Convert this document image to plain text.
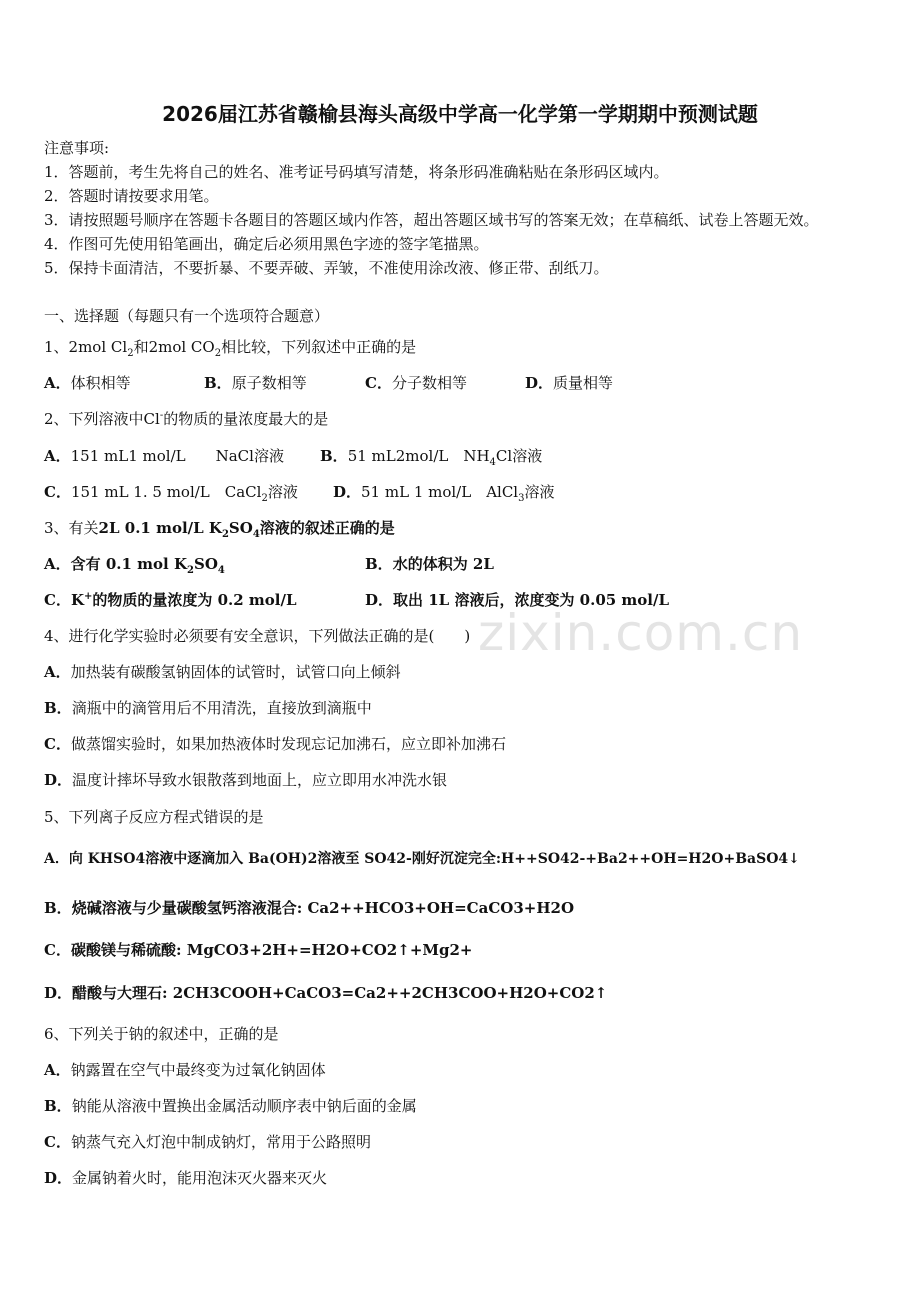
zixin.com.cn
2026届江苏省赣榆县海头高级中学高一化学第一学期期中预测试题
注意事项:
1．答题前，考生先将自己的姓名、准考证号码填写清楚，将条形码准确粘贴在条形码区域内。
2．答题时请按要求用笔。
3．请按照题号顺序在答题卡各题目的答题区域内作答，超出答题区域书写的答案无效；在草稿纸、试卷上答题无效。
4．作图可先使用铅笔画出，确定后必须用黑色字迹的签字笔描黑。
5．保持卡面清洁，不要折暴、不要弄破、弄皱，不准使用涂改液、修正带、刮纸刀。
一、选择题（每题只有一个选项符合题意）
1、2mol $Cl_2$和2mol $CO_2$相比较，下列叙述中正确的是
A．体积相等	B．原子数相等	C．分子数相等	D．质量相等
2、下列溶液中Cl-的物质的量浓度最大的是
A．151 mL1 mol/L　　NaCl溶液 B．51 mL2mol/L　$NH_4Cl$溶液
C．151 mL 1. 5 mol/L　CaCl$_2$溶液 D．51 mL 1 mol/L　AlCl$_3$溶液
3、有关2L 0.1 mol/L $K_2SO_4$溶液的叙述正确的是
A．含有 0.1 mol $K_2SO_4$	B．水的体积为 2L
C．K+的物质的量浓度为 0.2 mol/L	D．取出 1L 溶液后，浓度变为 0.05 mol/L
4、进行化学实验时必须要有安全意识，下列做法正确的是(　　)
A．加热装有碳酸氢钠固体的试管时，试管口向上倾斜
B．滴瓶中的滴管用后不用清洗，直接放到滴瓶中
C．做蒸馏实验时，如果加热液体时发现忘记加沸石，应立即补加沸石
D．温度计摔坏导致水银散落到地面上，应立即用水冲洗水银
5、下列离子反应方程式错误的是
A．向 KHSO4溶液中逐滴加入 Ba(OH)2溶液至 SO42-刚好沉淀完全:H++SO42-+Ba2++OH=H2O+BaSO4↓
B．烧碱溶液与少量碳酸氢钙溶液混合: Ca2++HCO3+OH=CaCO3+H2O
C．碳酸镁与稀硫酸: MgCO3+2H+=H2O+CO2↑+Mg2+
D．醋酸与大理石: 2CH3COOH+CaCO3=Ca2++2CH3COO+H2O+CO2↑
6、下列关于钠的叙述中，正确的是
A．钠露置在空气中最终变为过氧化钠固体
B．钠能从溶液中置换出金属活动顺序表中钠后面的金属
C．钠蒸气充入灯泡中制成钠灯，常用于公路照明
D．金属钠着火时，能用泡沫灭火器来灭火
